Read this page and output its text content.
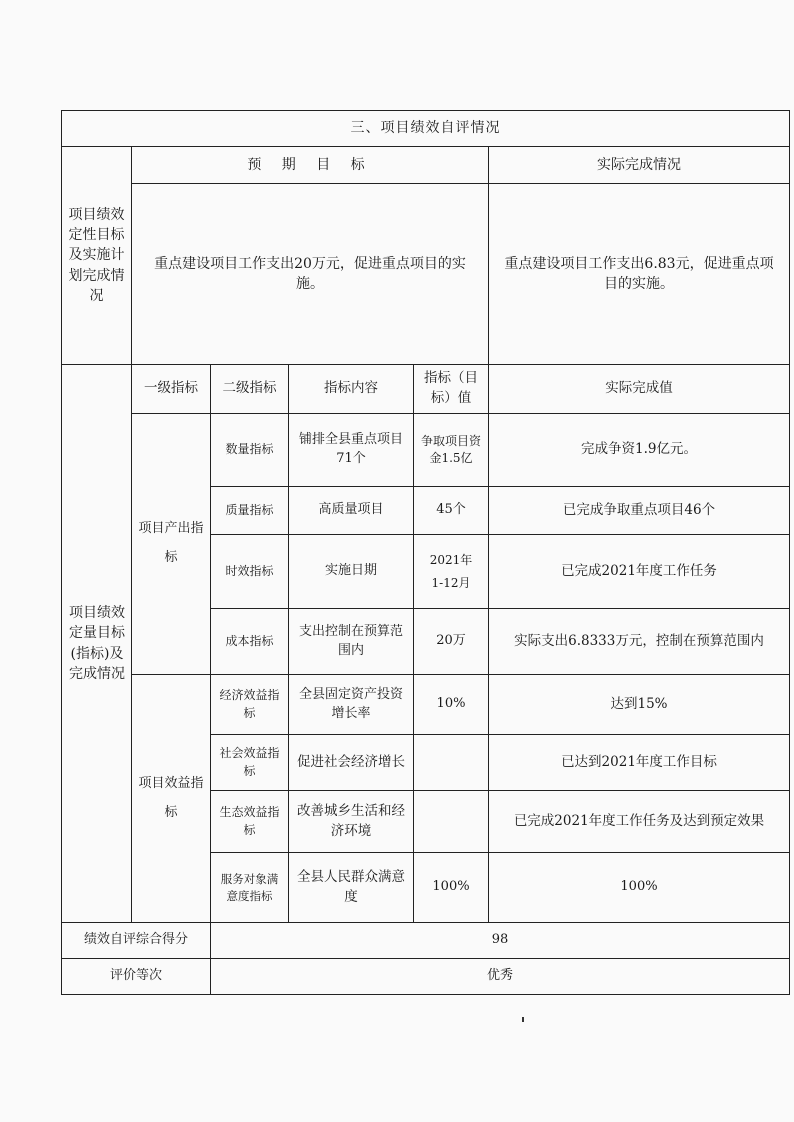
三、项目绩效自评情况					

项目绩效定性目标及实施计划完成情况	预 期 目 标				实际完成情况

	重点建设项目工作支出20万元，促进重点项目的实施。				重点建设项目工作支出6.83元，促进重点项目的实施。

项目绩效定量目标(指标)及完成情况	一级指标	二级指标	指标内容	指标（目标）值	实际完成值

	项目产出指标	数量指标	铺排全县重点项目71个	争取项目资金1.5亿	完成争资1.9亿元。
		质量指标	高质量项目	45个	已完成争取重点项目46个
		时效指标	实施日期	2021年1-12月	已完成2021年度工作任务
		成本指标	支出控制在预算范围内	20万	实际支出6.8333万元，控制在预算范围内

	项目效益指标	经济效益指标	全县固定资产投资增长率	10%	达到15%
		社会效益指标	促进社会经济增长		已达到2021年度工作目标
		生态效益指标	改善城乡生活和经济环境		已完成2021年度工作任务及达到预定效果

		服务对象满意度指标	全县人民群众满意度	100%	100%
绩效自评综合得分		98			
评价等次		优秀			
